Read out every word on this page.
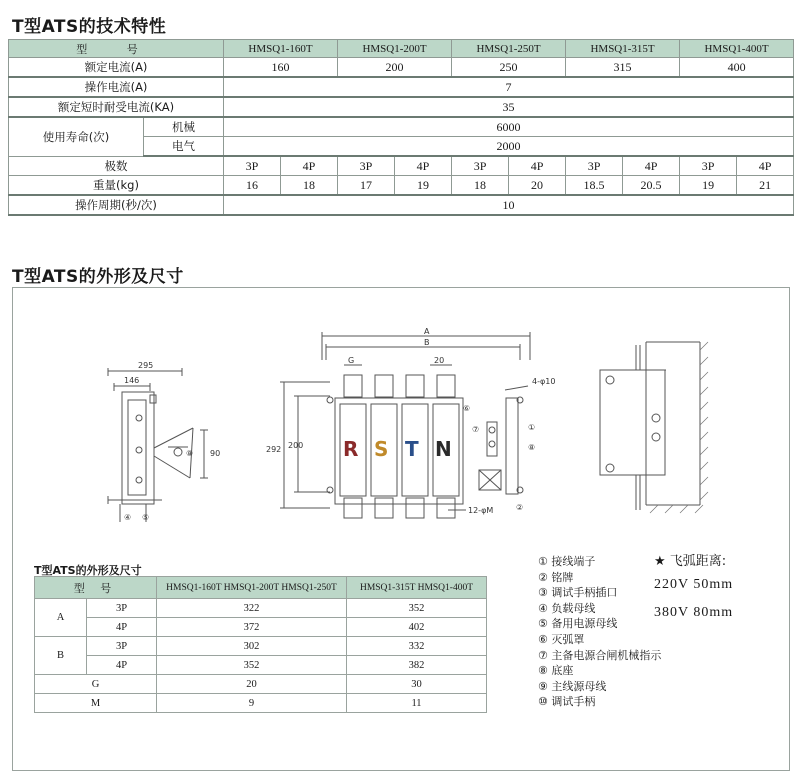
T型ATS的技术特性
型 号		HMSQ1-160T		HMSQ1-200T		HMSQ1-250T		HMSQ1-315T		HMSQ1-400T	
额定电流(A)		160		200		250		315		400	
操作电流(A)		7									
额定短时耐受电流(KA)		35									
使用寿命(次)	机械	6000									
	电气	2000									
极数		3P	4P	3P	4P	3P	4P	3P	4P	3P	4P
重量(kg)		16	18	17	19	18	20	18.5	20.5	19	21
操作周期(秒/次)		10									
T型ATS的外形及尺寸
295
146
90
④ ⑤
⑧
A
B
G	20
292 200
4-φ10
12-φM
⑥
⑦	①
⑧
②
R S T N
T型ATS的外形及尺寸
型 号		HMSQ1-160T HMSQ1-200T HMSQ1-250T	HMSQ1-315T HMSQ1-400T
A	3P	322	352
	4P	372	402
B	3P	302	332
	4P	352	382
G		20	30
M		9	11
① 接线端子
② 铭牌
③ 调试手柄插口
④ 负载母线
⑤ 备用电源母线
⑥ 灭弧罩
⑦ 主备电源合闸机械指示
⑧ 底座
⑨ 主线源母线
⑩ 调试手柄
★ 飞弧距离:
220V 50mm
380V 80mm
